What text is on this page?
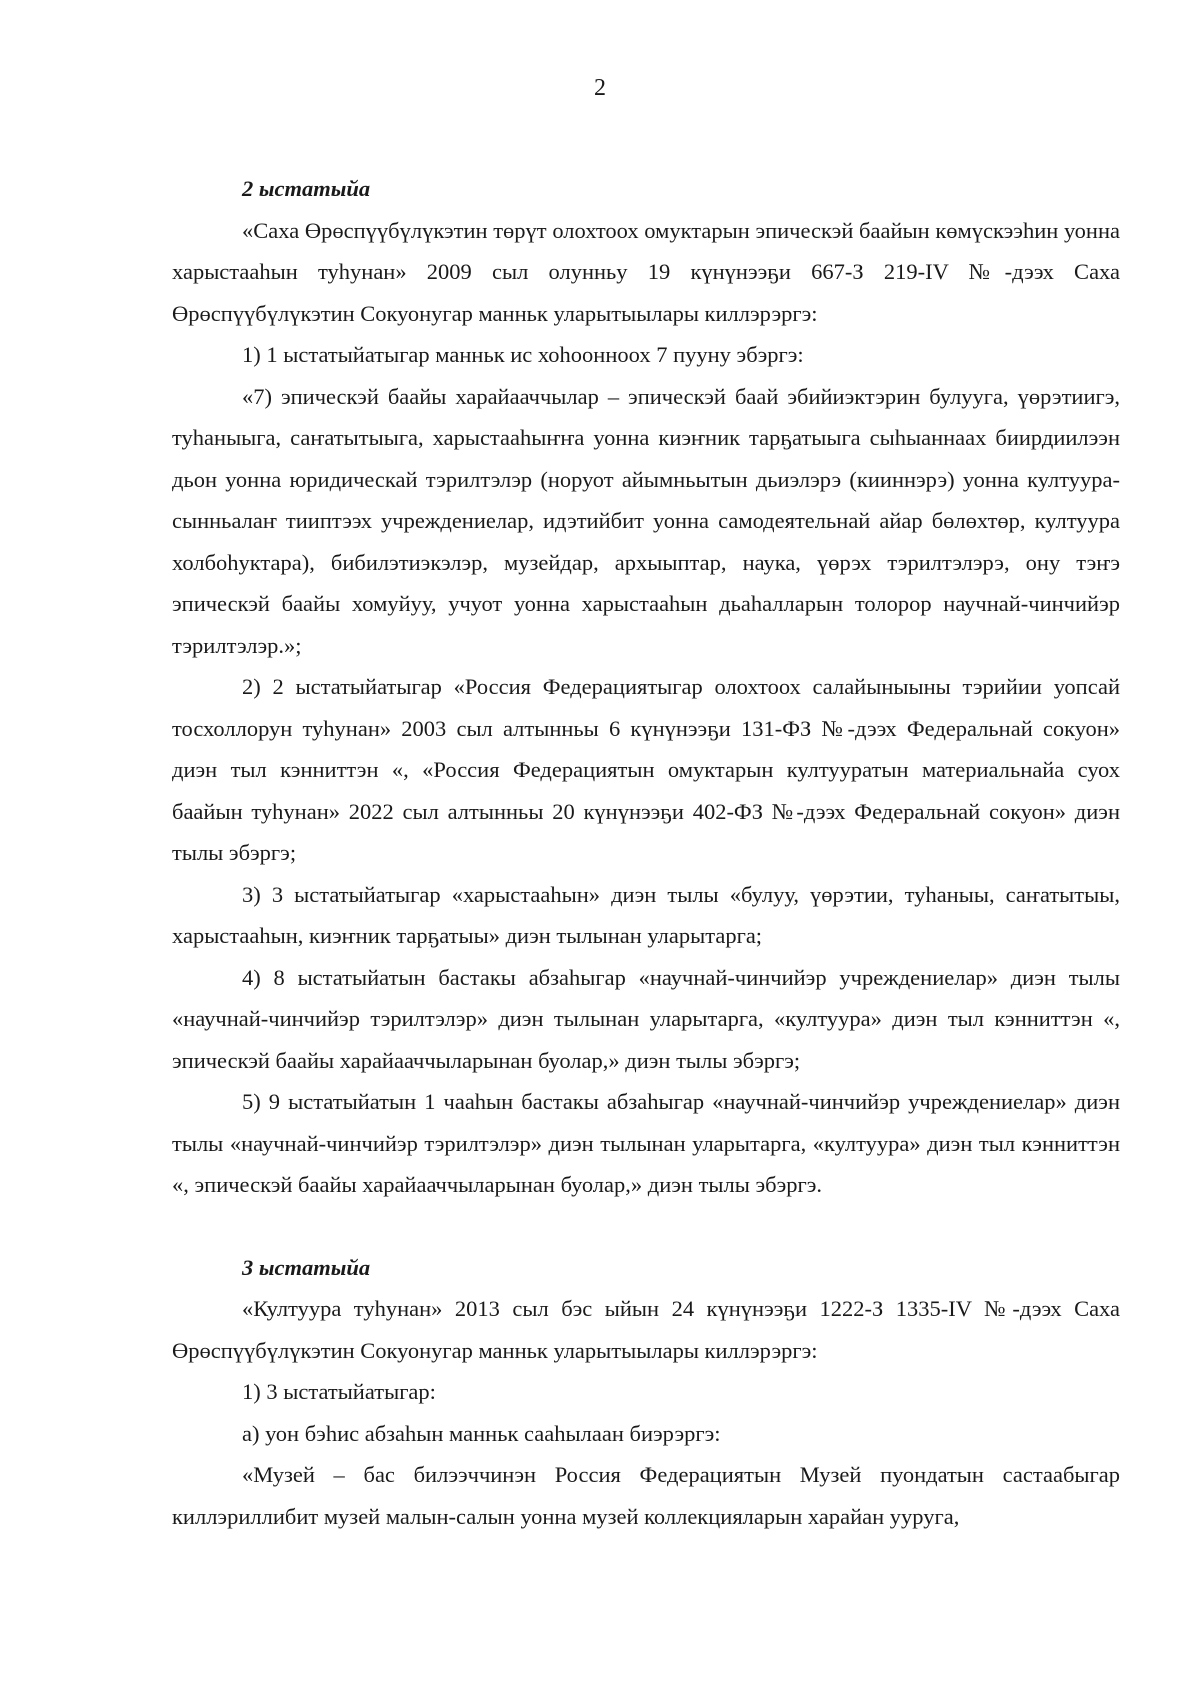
2

2 ыстатыйа

«Саха Өрөспүүбүлүкэтин төрүт олохтоох омуктарын эпическэй баайын көмүскээһин уонна харыстааһын туһунан» 2009 сыл олунньу 19 күнүнээҕи 667-З 219-IV №-дээх Саха Өрөспүүбүлүкэтин Сокуонугар манньк уларытыылары киллэрэргэ:

1) 1 ыстатыйатыгар манньк ис хоһоонноох 7 пууну эбэргэ:

«7) эпическэй баайы харайааччылар – эпическэй баай эбийиэктэрин булууга, үөрэтиигэ, туһаныыга, саҥатытыыга, харыстааһыҥҥа уонна киэҥник тарҕатыыга сыһыаннаах биирдиилээн дьон уонна юридическай тэрилтэлэр (норуот айымньытын дьиэлэрэ (кииннэрэ) уонна култуура-сынньалаҥ тииптээх учреждениелар, идэтийбит уонна самодеятельнай айар бөлөхтөр, култуура холбоһуктара), бибилэтиэкэлэр, музейдар, архыыптар, наука, үөрэх тэрилтэлэрэ, ону тэҥэ эпическэй баайы хомуйуу, учуот уонна харыстааһын дьаһалларын толорор научнай-чинчийэр тэрилтэлэр.»;

2) 2 ыстатыйатыгар «Россия Федерациятыгар олохтоох салайыныыны тэрийии уопсай тосхоллорун туһунан» 2003 сыл алтынньы 6 күнүнээҕи 131-ФЗ №-дээх Федеральнай сокуон» диэн тыл кэнниттэн «, «Россия Федерациятын омуктарын култууратын материальнайа суох баайын туһунан» 2022 сыл алтынньы 20 күнүнээҕи 402-ФЗ №-дээх Федеральнай сокуон» диэн тылы эбэргэ;

3) 3 ыстатыйатыгар «харыстааһын» диэн тылы «булуу, үөрэтии, туһаныы, саҥатытыы, харыстааһын, киэҥник тарҕатыы» диэн тылынан уларытарга;

4) 8 ыстатыйатын бастакы абзаһыгар «научнай-чинчийэр учреждениелар» диэн тылы «научнай-чинчийэр тэрилтэлэр» диэн тылынан уларытарга, «култуура» диэн тыл кэнниттэн «, эпическэй баайы харайааччыларынан буолар,» диэн тылы эбэргэ;

5) 9 ыстатыйатын 1 чааһын бастакы абзаһыгар «научнай-чинчийэр учреждениелар» диэн тылы «научнай-чинчийэр тэрилтэлэр» диэн тылынан уларытарга, «култуура» диэн тыл кэнниттэн «, эпическэй баайы харайааччыларынан буолар,» диэн тылы эбэргэ.

3 ыстатыйа

«Култуура туһунан» 2013 сыл бэс ыйын 24 күнүнээҕи 1222-З 1335-IV №-дээх Саха Өрөспүүбүлүкэтин Сокуонугар манньк уларытыылары киллэрэргэ:

1) 3 ыстатыйатыгар:

а) уон бэһис абзаһын манньк сааһылаан биэрэргэ:

«Музей – бас билээччинэн Россия Федерациятын Музей пуондатын састаабыгар киллэриллибит музей малын-салын уонна музей коллекцияларын харайан ууруга,
